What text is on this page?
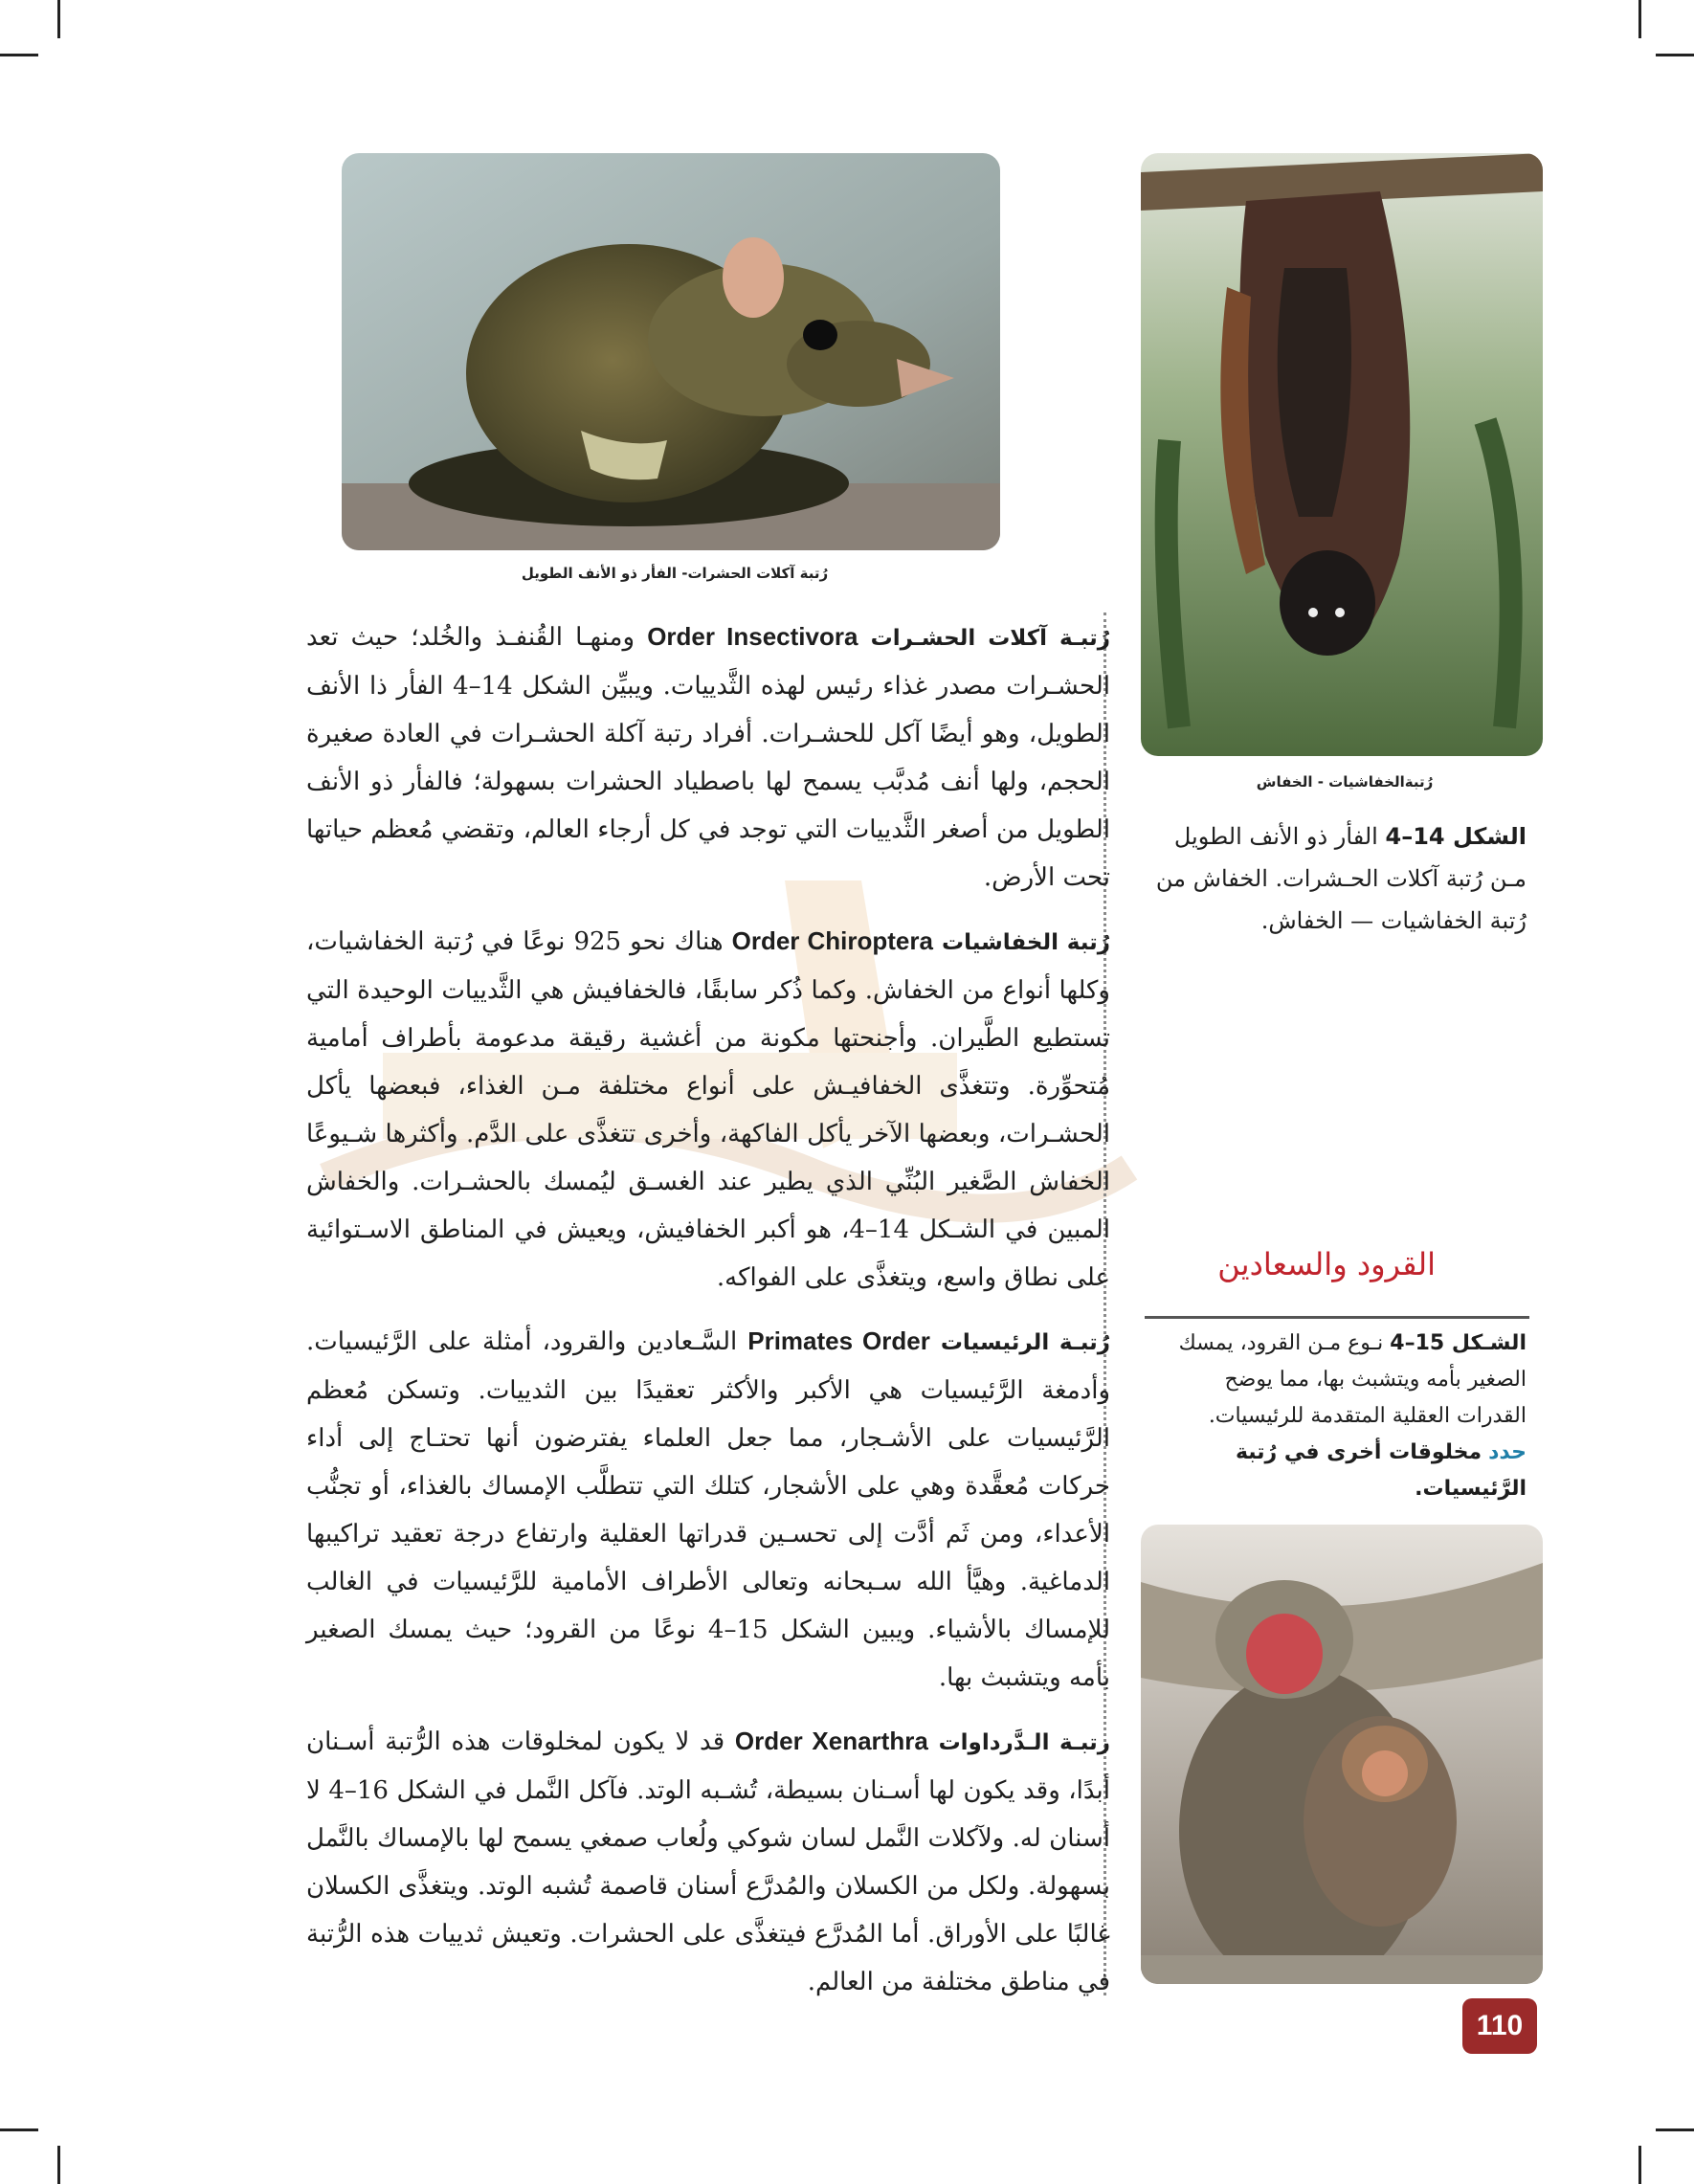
رُتبة آكلات الحشرات- الفأر ذو الأنف الطويل
رُتبةالخفاشيات - الخفاش
الشكل 14–4 الفأر ذو الأنف الطويل مـن رُتبة آكلات الحـشرات. الخفاش من رُتبة الخفاشيات — الخفاش.
القرود والسعادين
الشـكل 15–4 نـوع مـن القرود، يمسك الصغير بأمه ويتشبث بها، مما يوضح القدرات العقلية المتقدمة للرئيسيات.
حدد مخلوقات أخرى في رُتبة الرَّئيسيات.

رُتبـة آكلات الحشـرات Order Insectivora ومنهـا القُنفـذ والخُلد؛ حيث تعد الحشـرات مصدر غذاء رئيس لهذه الثَّدييات. ويبيِّن الشكل 14–4 الفأر ذا الأنف الطويل، وهو أيضًا آكل للحشـرات. أفراد رتبة آكلة الحشـرات في العادة صغيرة الحجم، ولها أنف مُدبَّب يسمح لها باصطياد الحشرات بسهولة؛ فالفأر ذو الأنف الطويل من أصغر الثَّدييات التي توجد في كل أرجاء العالم، وتقضي مُعظم حياتها تحت الأرض.

رُتبة الخفاشيات Order Chiroptera هناك نحو 925 نوعًا في رُتبة الخفاشيات، وكلها أنواع من الخفاش. وكما ذُكر سابقًا، فالخفافيش هي الثَّدييات الوحيدة التي تستطيع الطَّيران. وأجنحتها مكونة من أغشية رقيقة مدعومة بأطراف أمامية مُتحوِّرة. وتتغذَّى الخفافيـش على أنواع مختلفة مـن الغذاء، فبعضها يأكل الحشـرات، وبعضها الآخر يأكل الفاكهة، وأخرى تتغذَّى على الدَّم. وأكثرها شـيوعًا الخفاش الصَّغير البُنِّي الذي يطير عند الغسـق ليُمسك بالحشـرات. والخفاش المبين في الشـكل 14–4، هو أكبر الخفافيش، ويعيش في المناطق الاسـتوائية على نطاق واسع، ويتغذَّى على الفواكه.

رُتبـة الرئيسيات Primates Order السَّـعادين والقرود، أمثلة على الرَّئيسيات. وأدمغة الرَّئيسيات هي الأكبر والأكثر تعقيدًا بين الثدييات. وتسكن مُعظم الرَّئيسيات على الأشـجار، مما جعل العلماء يفترضون أنها تحتـاج إلى أداء حركات مُعقَّدة وهي على الأشجار، كتلك التي تتطلَّب الإمساك بالغذاء، أو تجنُّب الأعداء، ومن ثَم أدَّت إلى تحسـين قدراتها العقلية وارتفاع درجة تعقيد تراكيبها الدماغية. وهيَّأ الله سـبحانه وتعالى الأطراف الأمامية للرَّئيسيات في الغالب للإمساك بالأشياء. ويبين الشكل 15–4 نوعًا من القرود؛ حيث يمسك الصغير بأمه ويتشبث بها.

رتبـة الـدَّرداوات Order Xenarthra قد لا يكون لمخلوقات هذه الرُّتبة أسـنان أبدًا، وقد يكون لها أسـنان بسيطة، تُشـبه الوتد. فآكل النَّمل في الشكل 16–4 لا أسنان له. ولآكلات النَّمل لسان شوكي ولُعاب صمغي يسمح لها بالإمساك بالنَّمل بسهولة. ولكل من الكسلان والمُدرَّع أسنان قاصمة تُشبه الوتد. ويتغذَّى الكسلان غالبًا على الأوراق. أما المُدرَّع فيتغذَّى على الحشرات. وتعيش ثدييات هذه الرُّتبة في مناطق مختلفة من العالم.

110
